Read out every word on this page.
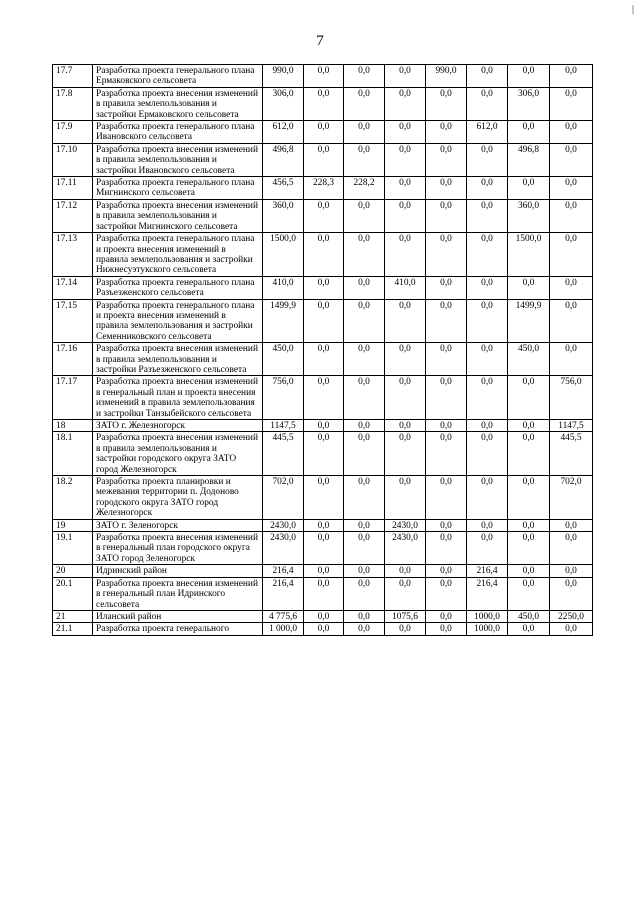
7
|
17.7	Разработка проекта генерального плана Ермаковского сельсовета	990,0	0,0	0,0	0,0	990,0	0,0	0,0	0,0
17.8	Разработка проекта внесения изменений в правила землепользования и застройки Ермаковского сельсовета	306,0	0,0	0,0	0,0	0,0	0,0	306,0	0,0
17.9	Разработка проекта генерального плана Ивановского сельсовета	612,0	0,0	0,0	0,0	0,0	612,0	0,0	0,0
17.10	Разработка проекта внесения изменений в правила землепользования и застройки Ивановского сельсовета	496,8	0,0	0,0	0,0	0,0	0,0	496,8	0,0
17.11	Разработка проекта генерального плана Мигнинского сельсовета	456,5	228,3	228,2	0,0	0,0	0,0	0,0	0,0
17.12	Разработка проекта внесения изменений в правила землепользования и застройки Мигнинского сельсовета	360,0	0,0	0,0	0,0	0,0	0,0	360,0	0,0
17.13	Разработка проекта генерального плана и проекта внесения изменений в правила землепользования и застройки Нижнесуэтукского сельсовета	1500,0	0,0	0,0	0,0	0,0	0,0	1500,0	0,0
17.14	Разработка проекта генерального плана Разъезженского сельсовета	410,0	0,0	0,0	410,0	0,0	0,0	0,0	0,0
17.15	Разработка проекта генерального плана и проекта внесения изменений в правила землепользования и застройки Семенниковского сельсовета	1499,9	0,0	0,0	0,0	0,0	0,0	1499,9	0,0
17.16	Разработка проекта внесения изменений в правила землепользования и застройки Разъезженского сельсовета	450,0	0,0	0,0	0,0	0,0	0,0	450,0	0,0
17.17	Разработка проекта внесения изменений в генеральный план и проекта внесения изменений в правила землепользования и застройки Танзыбейского сельсовета	756,0	0,0	0,0	0,0	0,0	0,0	0,0	756,0
18	ЗАТО г. Железногорск	1147,5	0,0	0,0	0,0	0,0	0,0	0,0	1147,5
18.1	Разработка проекта внесения изменений в правила землепользования и застройки городского округа ЗАТО город Железногорск	445,5	0,0	0,0	0,0	0,0	0,0	0,0	445,5
18.2	Разработка проекта планировки и межевания территории п. Додоново городского округа ЗАТО город Железногорск	702,0	0,0	0,0	0,0	0,0	0,0	0,0	702,0
19	ЗАТО г. Зеленогорск	2430,0	0,0	0,0	2430,0	0,0	0,0	0,0	0,0
19.1	Разработка проекта внесения изменений в генеральный план городского округа ЗАТО город Зеленогорск	2430,0	0,0	0,0	2430,0	0,0	0,0	0,0	0,0
20	Идринский район	216,4	0,0	0,0	0,0	0,0	216,4	0,0	0,0
20.1	Разработка проекта внесения изменений в генеральный план Идринского сельсовета	216,4	0,0	0,0	0,0	0,0	216,4	0,0	0,0
21	Иланский район	4 775,6	0,0	0,0	1075,6	0,0	1000,0	450,0	2250,0
21.1	Разработка проекта генерального	1 000,0	0,0	0,0	0,0	0,0	1000,0	0,0	0,0
